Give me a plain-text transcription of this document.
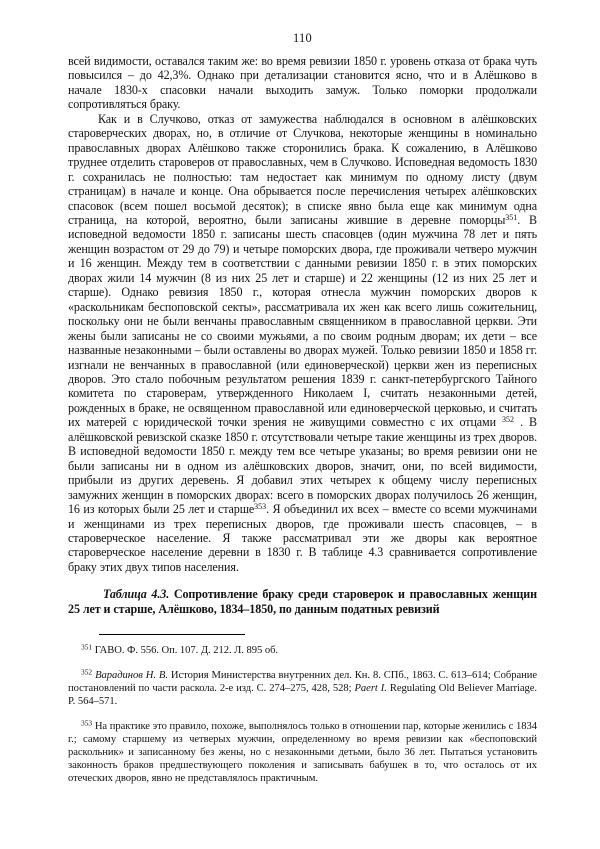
110

всей видимости, оставался таким же: во время ревизии 1850 г. уровень отказа от брака чуть повысился – до 42,3%. Однако при детализации становится ясно, что и в Алёшково в начале 1830-х спасовки начали выходить замуж. Только поморки продолжали сопротивляться браку.

Как и в Случково, отказ от замужества наблюдался в основном в алёшковских староверческих дворах, но, в отличие от Случкова, некоторые женщины в номинально православных дворах Алёшково также сторонились брака. К сожалению, в Алёшково труднее отделить староверов от православных, чем в Случково. Исповедная ведомость 1830 г. сохранилась не полностью: там недостает как минимум по одному листу (двум страницам) в начале и конце. Она обрывается после перечисления четырех алёшковских спасовок (всем пошел восьмой десяток); в списке явно была еще как минимум одна страница, на которой, вероятно, были записаны жившие в деревне поморцы$^{351}$. В исповедной ведомости 1850 г. записаны шесть спасовцев (один мужчина 78 лет и пять женщин возрастом от 29 до 79) и четыре поморских двора, где проживали четверо мужчин и 16 женщин. Между тем в соответствии с данными ревизии 1850 г. в этих поморских дворах жили 14 мужчин (8 из них 25 лет и старше) и 22 женщины (12 из них 25 лет и старше). Однако ревизия 1850 г., которая отнесла мужчин поморских дворов к «раскольникам беспоповской секты», рассматривала их жен как всего лишь сожительниц, поскольку они не были венчаны православным священником в православной церкви. Эти жены были записаны не со своими мужьями, а по своим родным дворам; их дети – все названные незаконными – были оставлены во дворах мужей. Только ревизии 1850 и 1858 гг. изгнали не венчанных в православной (или единоверческой) церкви жен из переписных дворов. Это стало побочным результатом решения 1839 г. санкт-петербургского Тайного комитета по староверам, утвержденного Николаем I, считать незаконными детей, рожденных в браке, не освященном православной или единоверческой церковью, и считать их матерей с юридической точки зрения не живущими совместно с их отцами $^{352}$ . В алёшковской ревизской сказке 1850 г. отсутствовали четыре такие женщины из трех дворов. В исповедной ведомости 1850 г. между тем все четыре указаны; во время ревизии они не были записаны ни в одном из алёшковских дворов, значит, они, по всей видимости, прибыли из других деревень. Я добавил этих четырех к общему числу переписных замужних женщин в поморских дворах: всего в поморских дворах получилось 26 женщин, 16 из которых были 25 лет и старше$^{353}$. Я объединил их всех – вместе со всеми мужчинами и женщинами из трех переписных дворов, где проживали шесть спасовцев, – в староверческое население. Я также рассматривал эти же дворы как вероятное староверческое население деревни в 1830 г. В таблице 4.3 сравнивается сопротивление браку этих двух типов населения.

Таблица 4.3. Сопротивление браку среди староверок и православных женщин 25 лет и старше, Алёшково, 1834–1850, по данным податных ревизий

$^{351}$ ГАВО. Ф. 556. Оп. 107. Д. 212. Л. 895 об.

$^{352}$ Варадинов Н. В. История Министерства внутренних дел. Кн. 8. СПб., 1863. С. 613–614; Собрание постановлений по части раскола. 2-е изд. С. 274–275, 428, 528; Paert I. Regulating Old Believer Marriage. P. 564–571.

$^{353}$ На практике это правило, похоже, выполнялось только в отношении пар, которые женились с 1834 г.; самому старшему из четверых мужчин, определенному во время ревизии как «беспоповский раскольник» и записанному без жены, но с незаконными детьми, было 36 лет. Пытаться установить законность браков предшествующего поколения и записывать бабушек в то, что осталось от их отеческих дворов, явно не представлялось практичным.
